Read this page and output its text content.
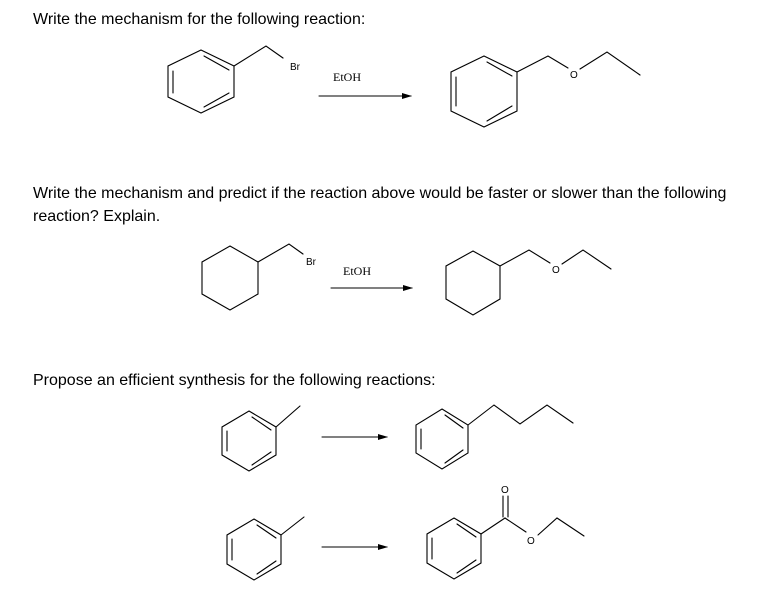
Write the mechanism for the following reaction:

Write the mechanism and predict if the reaction above would be faster or slower than the following reaction? Explain.

Propose an efficient synthesis for the following reactions:

Br
EtOH	O
Br
EtOH	O
O
O
